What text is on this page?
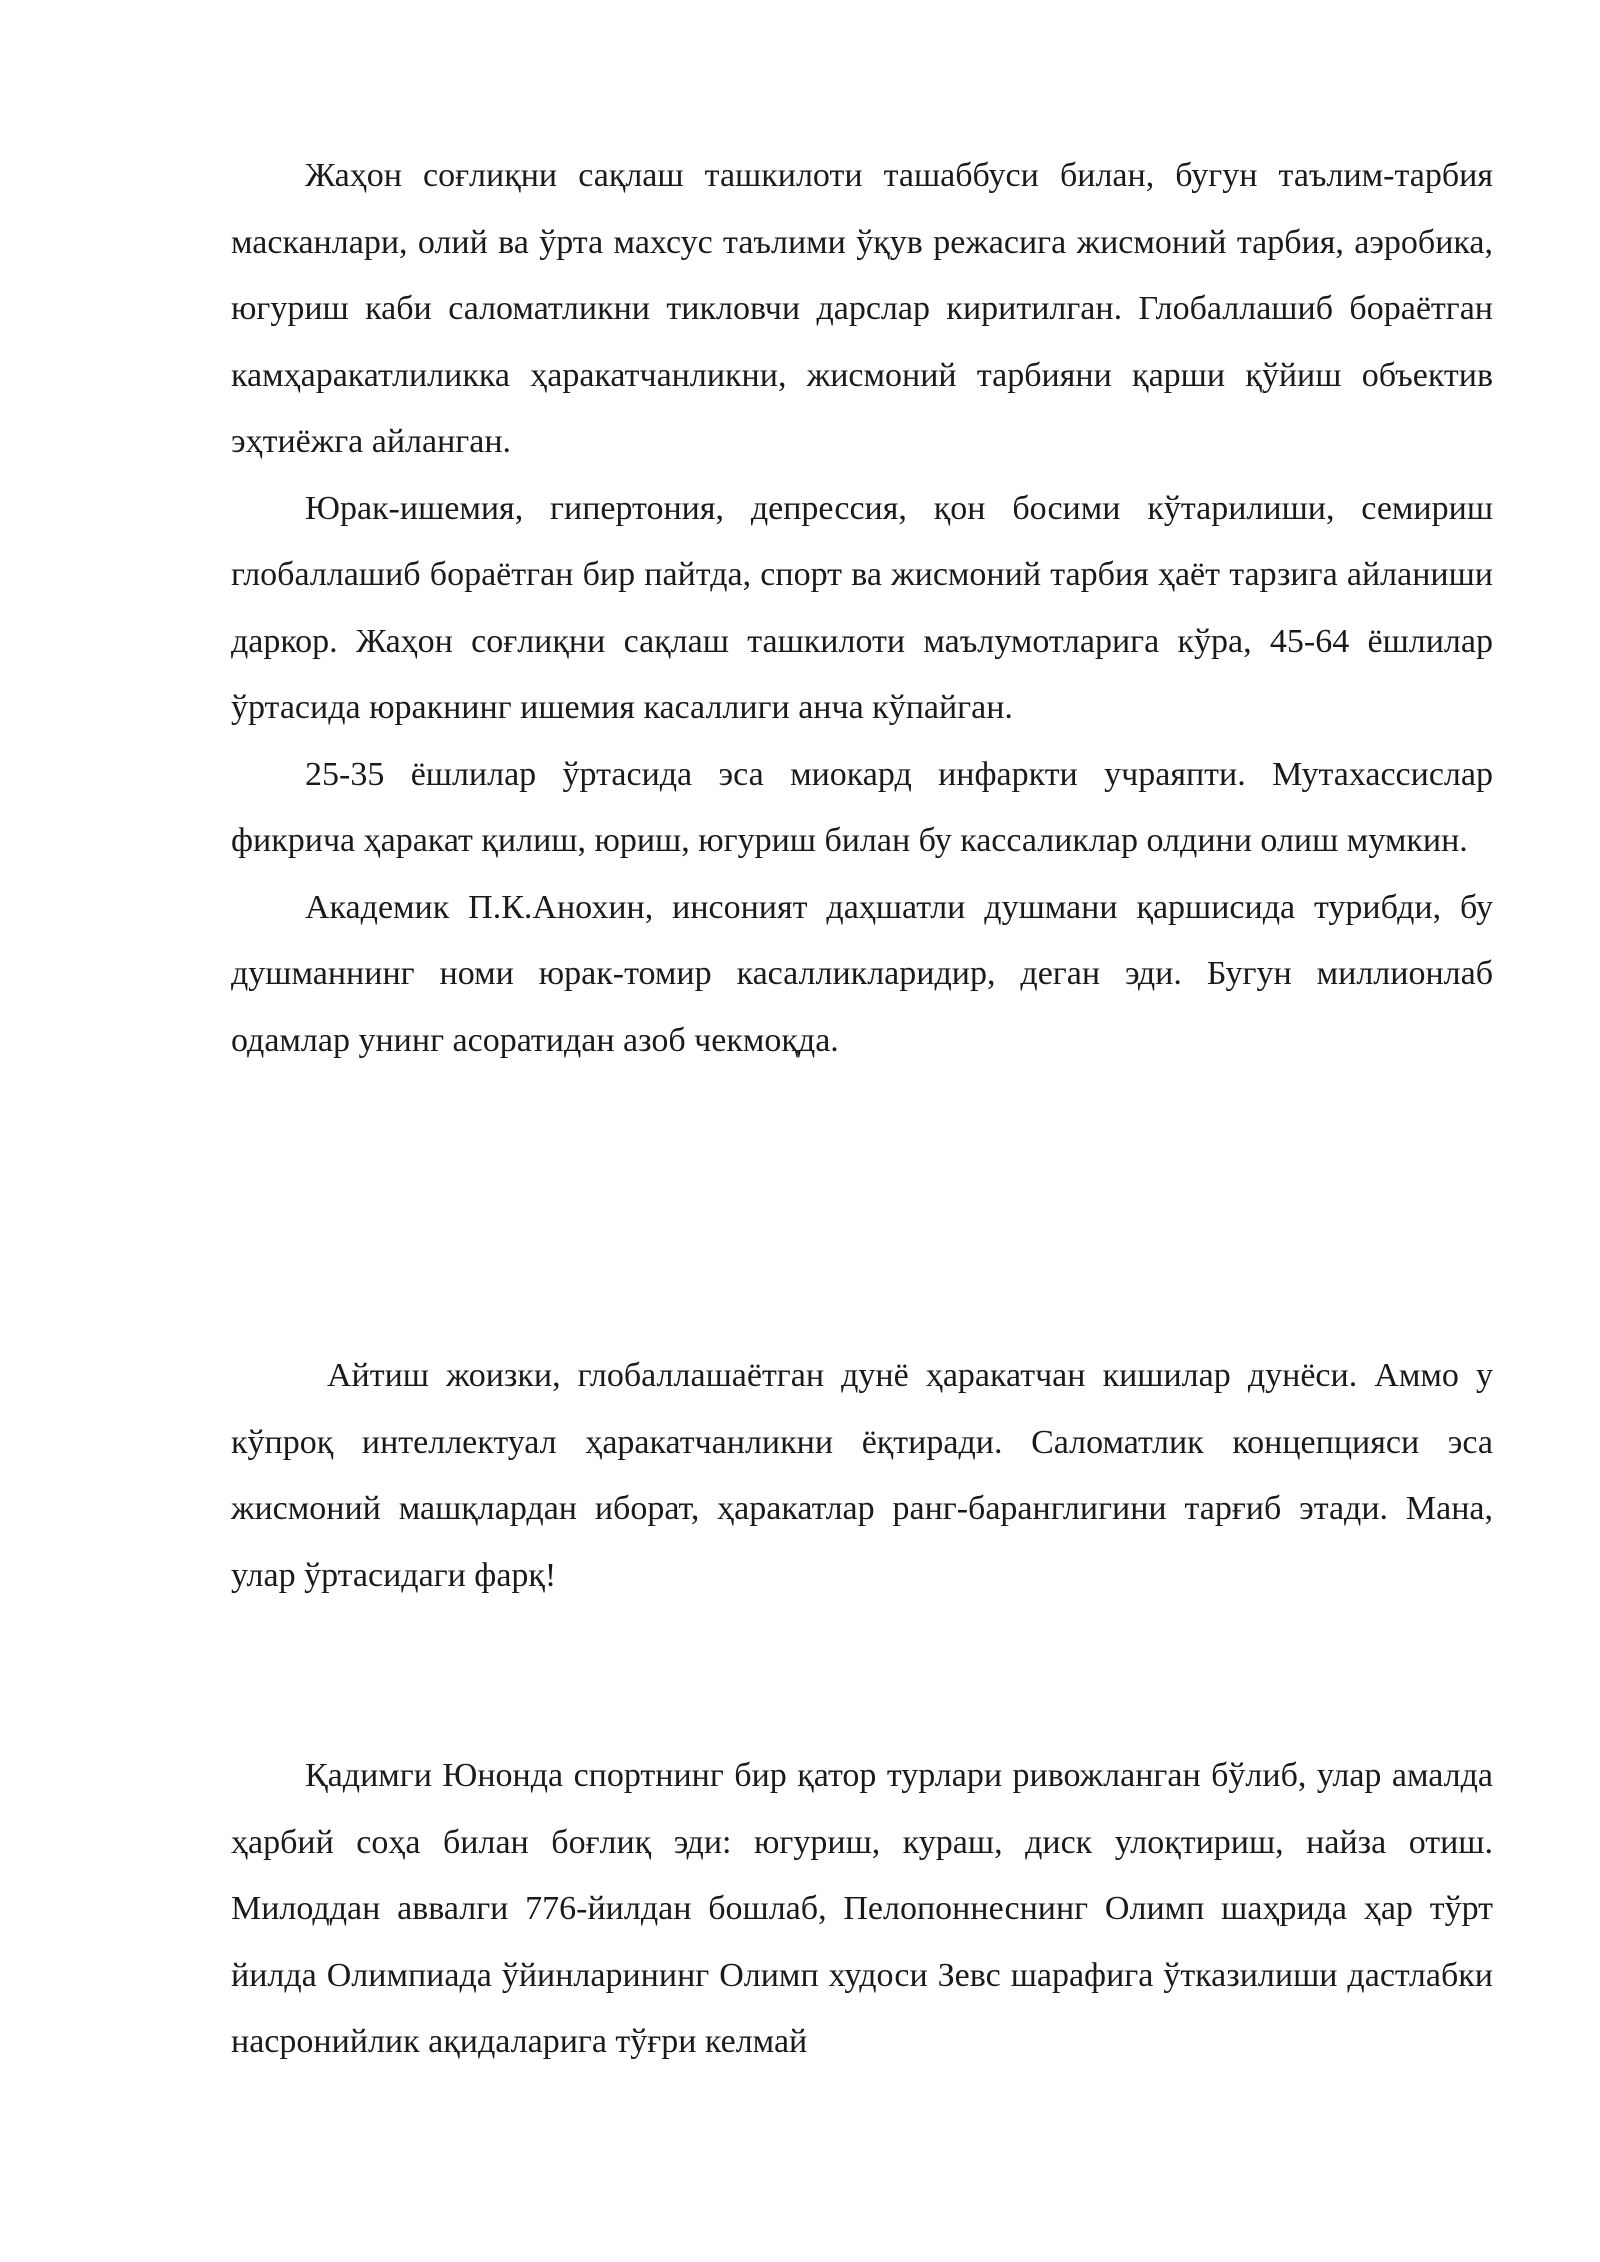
Жаҳон соғлиқни сақлаш ташкилоти ташаббуси билан, бугун таълим-тарбия масканлари, олий ва ўрта махсус таълими ўқув режасига жисмоний тарбия, аэробика, югуриш каби саломатликни тикловчи дарслар киритилган. Глобаллашиб бораётган камҳаракатлиликка ҳаракатчанликни, жисмоний тарбияни қарши қўйиш объектив эҳтиёжга айланган.

Юрак-ишемия, гипертония, депрессия, қон босими кўтарилиши, семириш глобаллашиб бораётган бир пайтда, спорт ва жисмоний тарбия ҳаёт тарзига айланиши даркор. Жаҳон соғлиқни сақлаш ташкилоти маълумотларига кўра, 45-64 ёшлилар ўртасида юракнинг ишемия касаллиги анча кўпайган.

25-35 ёшлилар ўртасида эса миокард инфаркти учраяпти. Мутахассислар фикрича ҳаракат қилиш, юриш, югуриш билан бу кассаликлар олдини олиш мумкин.

Академик П.К.Анохин, инсоният даҳшатли душмани қаршисида турибди, бу душманнинг номи юрак-томир касалликларидир, деган эди. Бугун миллионлаб одамлар унинг асоратидан азоб чекмоқда.

Айтиш жоизки, глобаллашаётган дунё ҳаракатчан кишилар дунёси. Аммо у кўпроқ интеллектуал ҳаракатчанликни ёқтиради. Саломатлик концепцияси эса жисмоний машқлардан иборат, ҳаракатлар ранг-баранглигини тарғиб этади. Мана, улар ўртасидаги фарқ!

Қадимги Юнонда спортнинг бир қатор турлари ривожланган бўлиб, улар амалда ҳарбий соҳа билан боғлиқ эди: югуриш, кураш, диск улоқтириш, найза отиш. Милоддан аввалги 776-йилдан бошлаб, Пелопоннеснинг Олимп шаҳрида ҳар тўрт йилда Олимпиада ўйинларининг Олимп худоси Зевс шарафига ўтказилиши дастлабки насронийлик ақидаларига тўғри келмай
